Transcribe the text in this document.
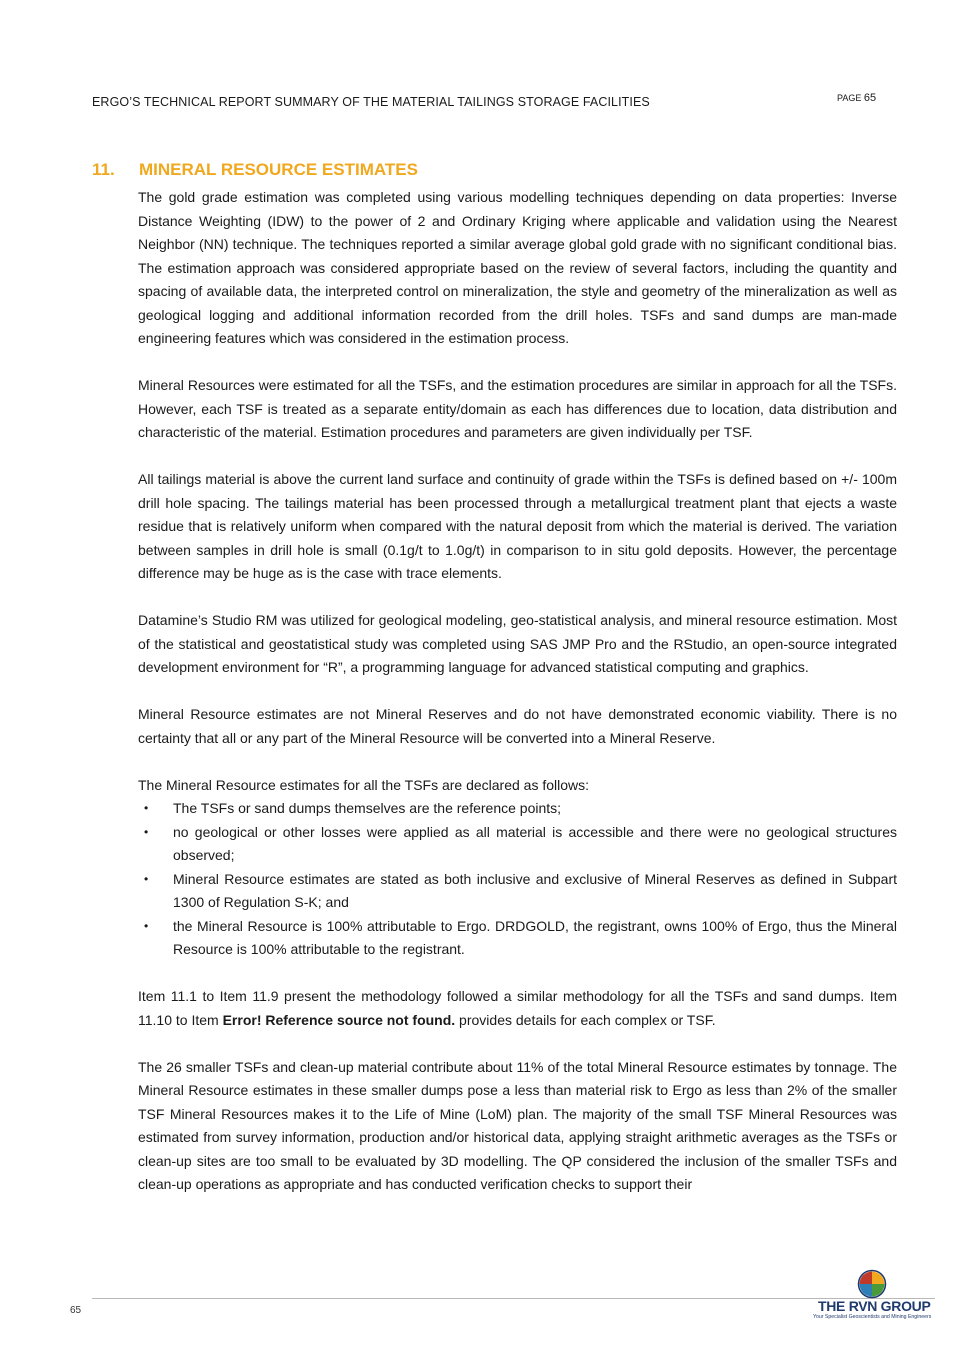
ERGO’S TECHNICAL REPORT SUMMARY OF THE MATERIAL TAILINGS STORAGE FACILITIES	PAGE 65
11. MINERAL RESOURCE ESTIMATES

The gold grade estimation was completed using various modelling techniques depending on data properties: Inverse Distance Weighting (IDW) to the power of 2 and Ordinary Kriging where applicable and validation using the Nearest Neighbor (NN) technique. The techniques reported a similar average global gold grade with no significant conditional bias. The estimation approach was considered appropriate based on the review of several factors, including the quantity and spacing of available data, the interpreted control on mineralization, the style and geometry of the mineralization as well as geological logging and additional information recorded from the drill holes. TSFs and sand dumps are man-made engineering features which was considered in the estimation process.

Mineral Resources were estimated for all the TSFs, and the estimation procedures are similar in approach for all the TSFs. However, each TSF is treated as a separate entity/domain as each has differences due to location, data distribution and characteristic of the material. Estimation procedures and parameters are given individually per TSF.

All tailings material is above the current land surface and continuity of grade within the TSFs is defined based on +/- 100m drill hole spacing. The tailings material has been processed through a metallurgical treatment plant that ejects a waste residue that is relatively uniform when compared with the natural deposit from which the material is derived. The variation between samples in drill hole is small (0.1g/t to 1.0g/t) in comparison to in situ gold deposits. However, the percentage difference may be huge as is the case with trace elements.

Datamine’s Studio RM was utilized for geological modeling, geo-statistical analysis, and mineral resource estimation. Most of the statistical and geostatistical study was completed using SAS JMP Pro and the RStudio, an open-source integrated development environment for “R”, a programming language for advanced statistical computing and graphics.

Mineral Resource estimates are not Mineral Reserves and do not have demonstrated economic viability. There is no certainty that all or any part of the Mineral Resource will be converted into a Mineral Reserve.

The Mineral Resource estimates for all the TSFs are declared as follows:

• The TSFs or sand dumps themselves are the reference points;
• no geological or other losses were applied as all material is accessible and there were no geological structures observed;
• Mineral Resource estimates are stated as both inclusive and exclusive of Mineral Reserves as defined in Subpart 1300 of Regulation S-K; and
• the Mineral Resource is 100% attributable to Ergo. DRDGOLD, the registrant, owns 100% of Ergo, thus the Mineral Resource is 100% attributable to the registrant.

Item 11.1 to Item 11.9 present the methodology followed a similar methodology for all the TSFs and sand dumps. Item 11.10 to Item Error! Reference source not found. provides details for each complex or TSF.

The 26 smaller TSFs and clean-up material contribute about 11% of the total Mineral Resource estimates by tonnage. The Mineral Resource estimates in these smaller dumps pose a less than material risk to Ergo as less than 2% of the smaller TSF Mineral Resources makes it to the Life of Mine (LoM) plan. The majority of the small TSF Mineral Resources was estimated from survey information, production and/or historical data, applying straight arithmetic averages as the TSFs or clean-up sites are too small to be evaluated by 3D modelling. The QP considered the inclusion of the smaller TSFs and clean-up operations as appropriate and has conducted verification checks to support their

65	THE RVN GROUP
Your Specialist Geoscientists and Mining Engineers
